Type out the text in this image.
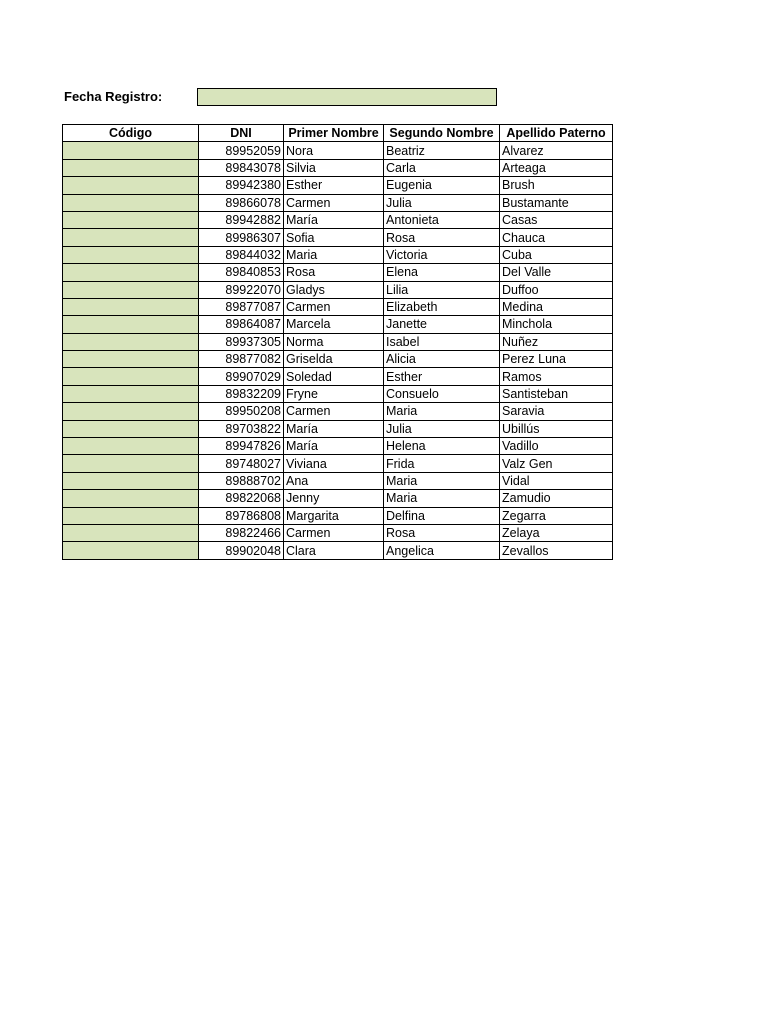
Fecha Registro:
Código	DNI	Primer Nombre	Segundo Nombre	Apellido Paterno
	89952059	Nora	Beatriz	Alvarez
	89843078	Silvia	Carla	Arteaga
	89942380	Esther	Eugenia	Brush
	89866078	Carmen	Julia	Bustamante
	89942882	María	Antonieta	Casas
	89986307	Sofia	Rosa	Chauca
	89844032	Maria	Victoria	Cuba
	89840853	Rosa	Elena	Del Valle
	89922070	Gladys	Lilia	Duffoo
	89877087	Carmen	Elizabeth	Medina
	89864087	Marcela	Janette	Minchola
	89937305	Norma	Isabel	Nuñez
	89877082	Griselda	Alicia	Perez Luna
	89907029	Soledad	Esther	Ramos
	89832209	Fryne	Consuelo	Santisteban
	89950208	Carmen	Maria	Saravia
	89703822	María	Julia	Ubillús
	89947826	María	Helena	Vadillo
	89748027	Viviana	Frida	Valz Gen
	89888702	Ana	Maria	Vidal
	89822068	Jenny	Maria	Zamudio
	89786808	Margarita	Delfina	Zegarra
	89822466	Carmen	Rosa	Zelaya
	89902048	Clara	Angelica	Zevallos
